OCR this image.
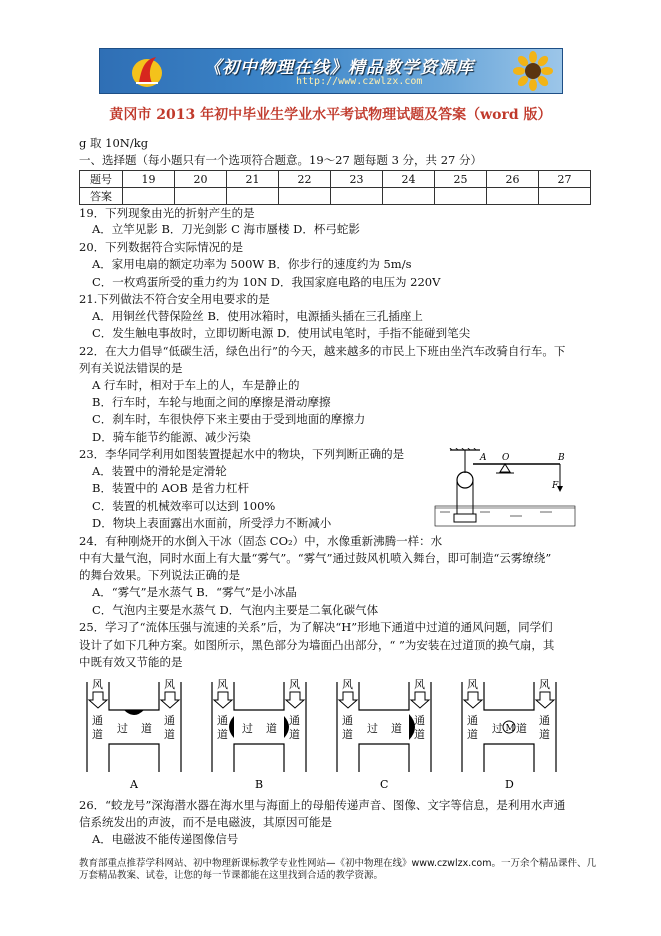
《初中物理在线》精品教学资源库
http://www.czwlzx.com
黄冈市 2013 年初中毕业生学业水平考试物理试题及答案（word 版）
g 取 10N/kg
一、选择题（每小题只有一个选项符合题意。19～27 题每题 3 分，共 27 分）
题号	19	20	21	22	23	24	25	26	27
答案									
19．下列现象由光的折射产生的是
A．立竿见影 B．刀光剑影 C 海市蜃楼 D．杯弓蛇影
20．下列数据符合实际情况的是
A．家用电扇的额定功率为 500W B．你步行的速度约为 5m/s
C．一枚鸡蛋所受的重力约为 10N D．我国家庭电路的电压为 220V
21.下列做法不符合安全用电要求的是
A．用铜丝代替保险丝 B．使用冰箱时，电源插头插在三孔插座上
C．发生触电事故时，立即切断电源 D．使用试电笔时，手指不能碰到笔尖
22．在大力倡导“低碳生活，绿色出行”的今天，越来越多的市民上下班由坐汽车改骑自行车。下
列有关说法错误的是
A 行车时，相对于车上的人，车是静止的
B．行车时，车轮与地面之间的摩擦是滑动摩擦
C．刹车时，车很快停下来主要由于受到地面的摩擦力
D．骑车能节约能源、减少污染
23．李华同学利用如图装置提起水中的物块，下列判断正确的是
A．装置中的滑轮是定滑轮
B．装置中的 AOB 是省力杠杆
C．装置的机械效率可以达到 100%
D．物块上表面露出水面前，所受浮力不断减小
24．有种刚烧开的水倒入干冰（固态 CO₂）中，水像重新沸腾一样：水
中有大量气泡，同时水面上有大量“雾气”。“雾气”通过鼓风机喷入舞台，即可制造“云雾缭绕”
的舞台效果。下列说法正确的是
A．“雾气”是水蒸气 B．“雾气”是小冰晶
C．气泡内主要是水蒸气 D．气泡内主要是二氧化碳气体
25．学习了“流体压强与流速的关系”后，为了解决“H”形地下通道中过道的通风问题，同学们
设计了如下几种方案。如图所示，黑色部分为墙面凸出部分，“ ”为安装在过道顶的换气扇，其
中既有效又节能的是
26．“蛟龙号”深海潜水器在海水里与海面上的母船传递声音、图像、文字等信息，是利用水声通
信系统发出的声波，而不是电磁波，其原因可能是
A．电磁波不能传递图像信号
A O	B
F
风	风
通
道
通
道
过 道
A
风	风
通
道
通
道
过 道
B
风	风
通
道
通
道
过 道
C
风	风
通
道
通
道
过 道
D
M
教育部重点推荐学科网站、初中物理新课标教学专业性网站—《初中物理在线》www.czwlzx.com。一万余个精品课件、几万套精品教案、试卷，让您的每一节课都能在这里找到合适的教学资源。
